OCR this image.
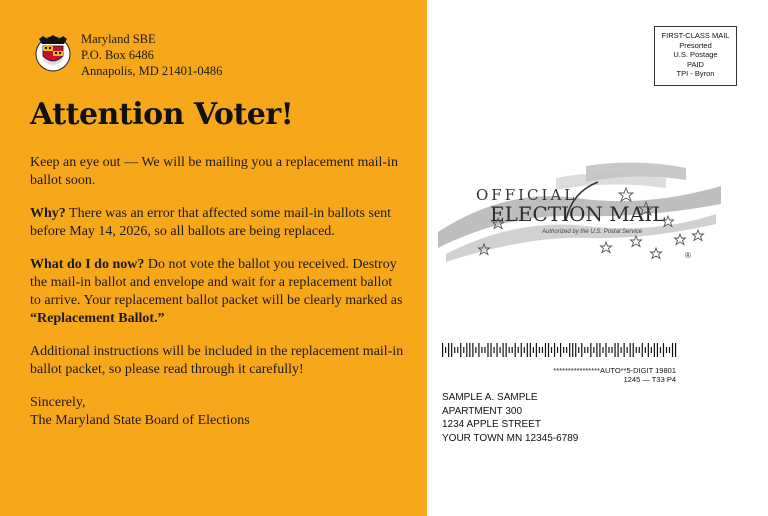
Maryland SBE
P.O. Box 6486
Annapolis, MD 21401-0486
Attention Voter!

Keep an eye out — We will be mailing you a replacement mail-in ballot soon.

Why? There was an error that affected some mail-in ballots sent before May 14, 2026, so all ballots are being replaced.

What do I do now? Do not vote the ballot you received. Destroy the mail-in ballot and envelope and wait for a replacement ballot to arrive. Your replacement ballot packet will be clearly marked as
“Replacement Ballot.”

Additional instructions will be included in the replacement mail-in ballot packet, so please read through it carefully!

Sincerely,
The Maryland State Board of Elections
FIRST-CLASS MAIL
Presorted
U.S. Postage
PAID
TPI - Byron
OFFICIAL
ELECTION MAIL
Authorized by the U.S. Postal Service
®
****************AUTO**5-DIGIT 19801
1245 — T33 P4
SAMPLE A. SAMPLE
APARTMENT 300
1234 APPLE STREET
YOUR TOWN MN 12345-6789
